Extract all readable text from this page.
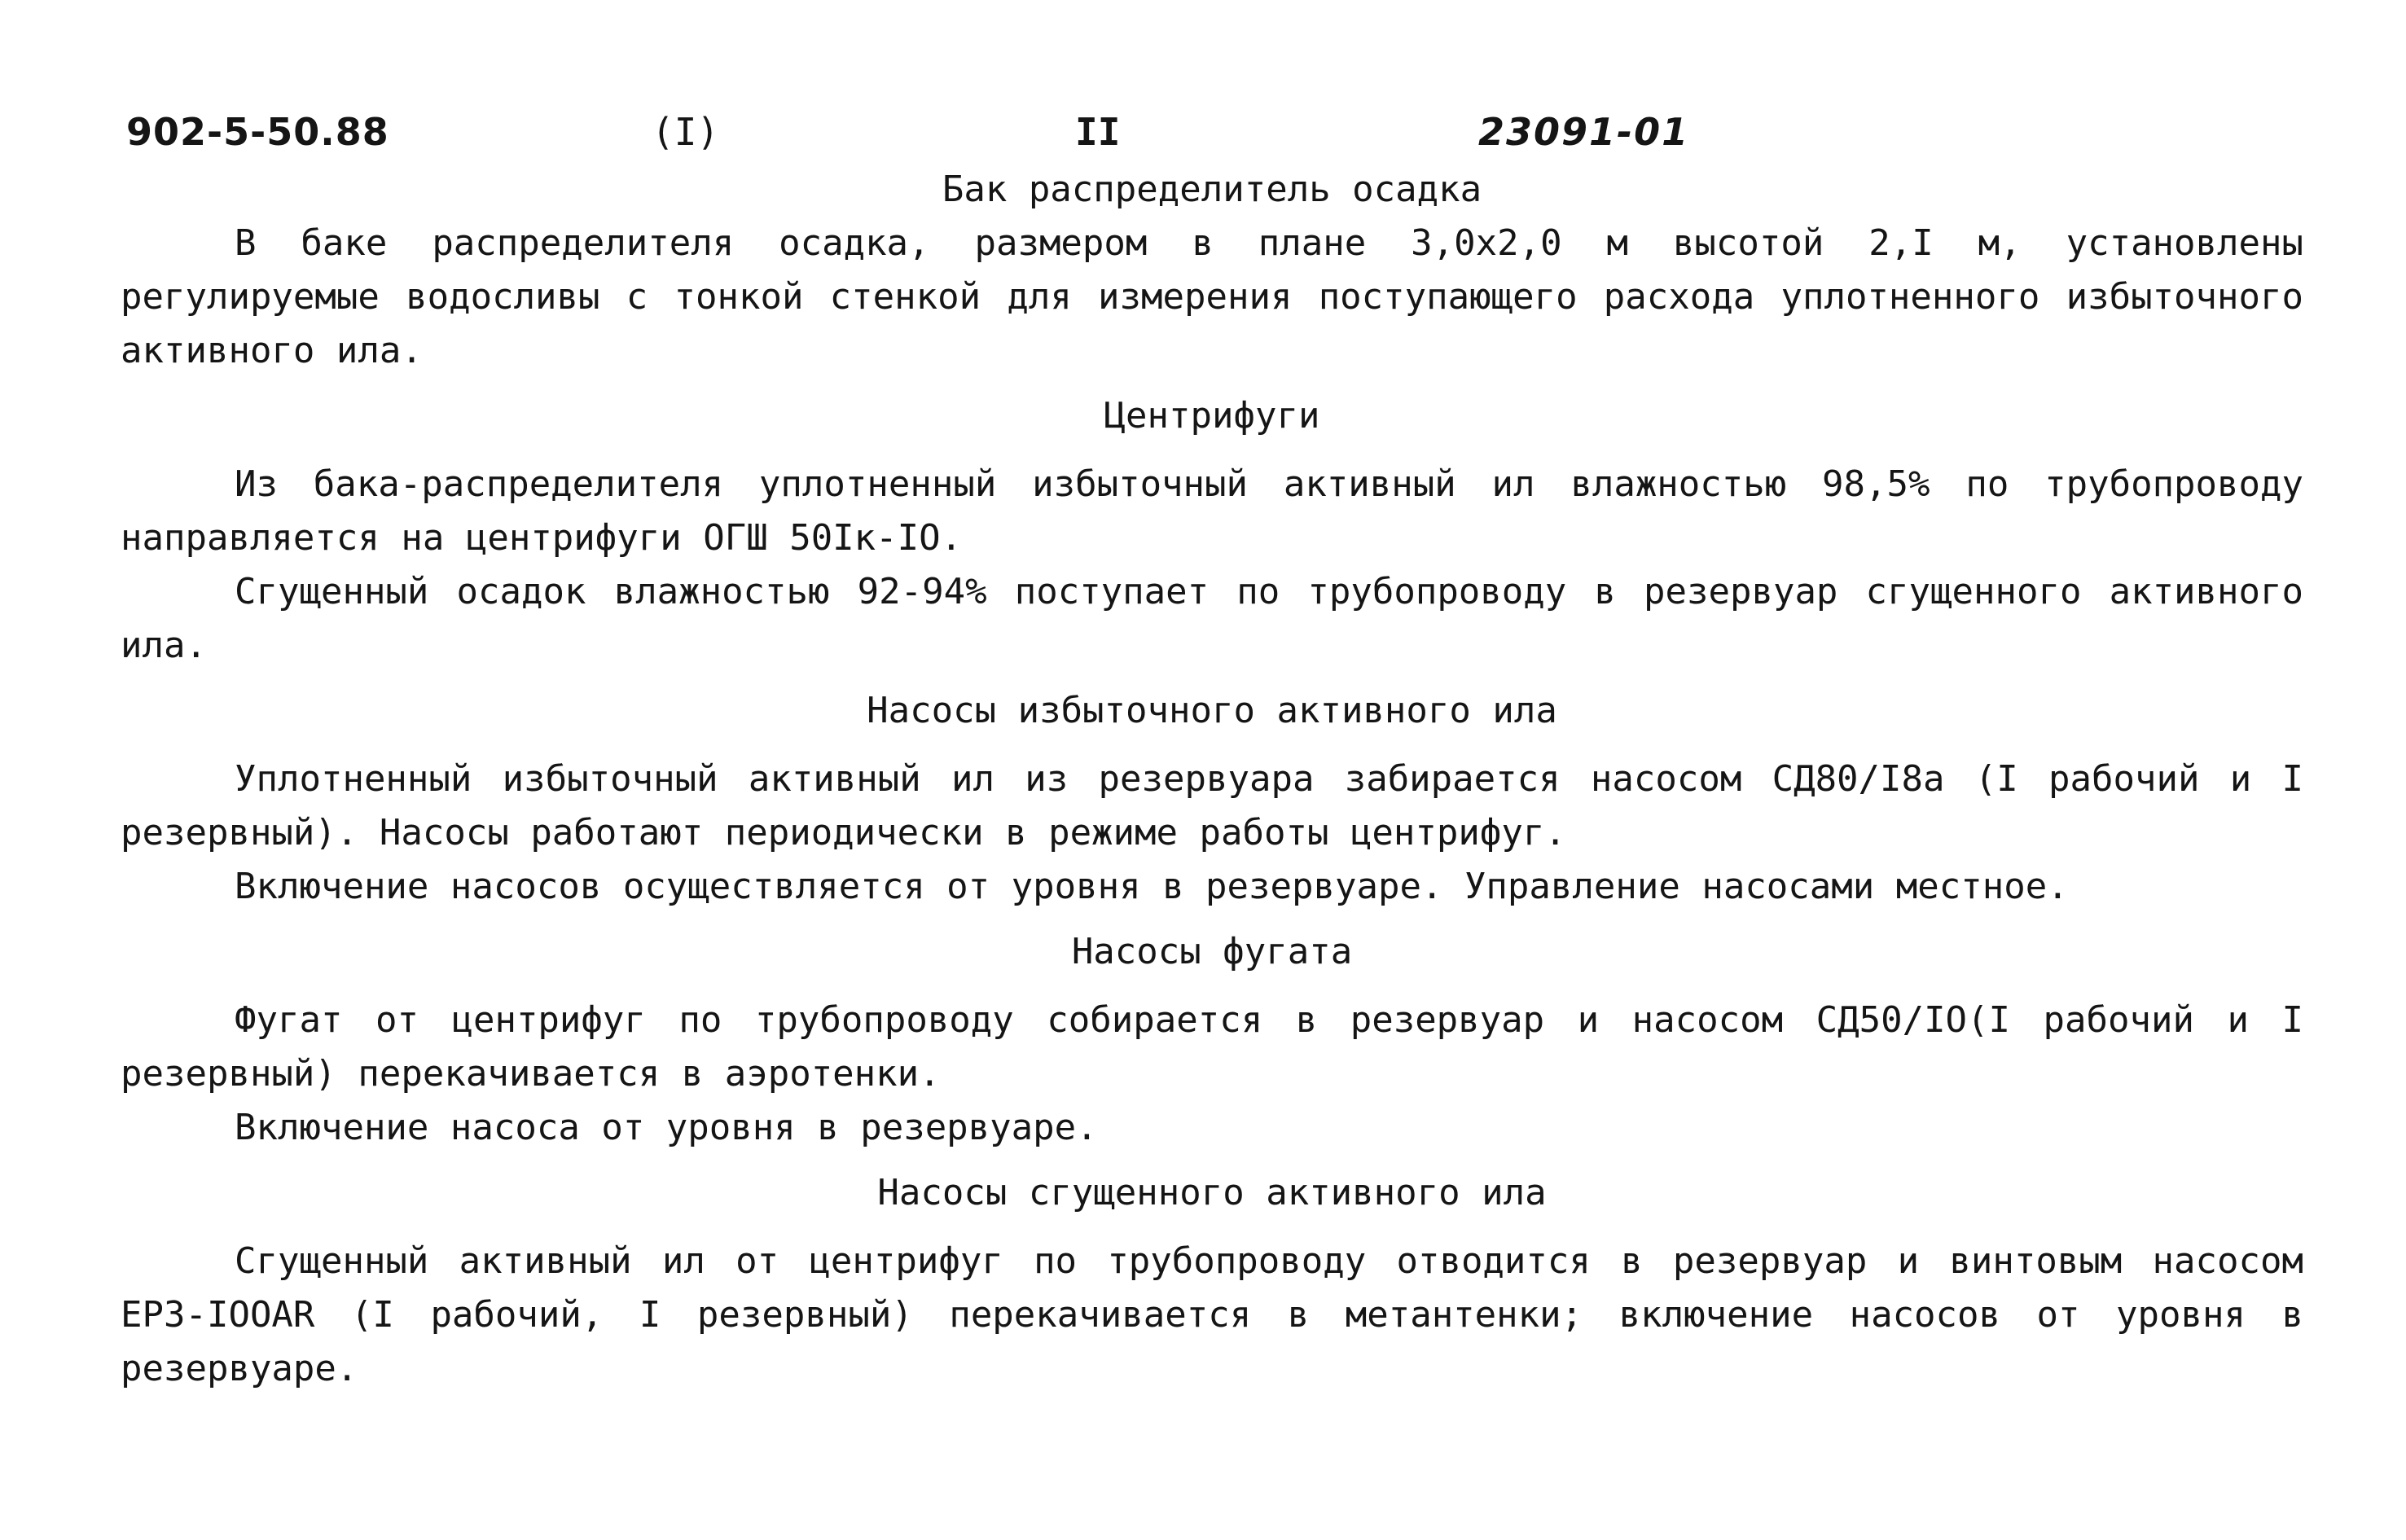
902-5-50.88	(I)	II	23091-01
Бак распределитель осадка

В баке распределителя осадка, размером в плане 3,0х2,0 м высотой 2,I м, установлены регулируемые водосливы с тонкой стенкой для измерения поступающего расхода уплотненного избыточного активного ила.

Центрифуги

Из бака-распределителя уплотненный избыточный активный ил влажностью 98,5% по трубопроводу направляется на центрифуги ОГШ 50Iк-IO.

Сгущенный осадок влажностью 92-94% поступает по трубопроводу в резервуар сгущенного активного ила.

Насосы избыточного активного ила

Уплотненный избыточный активный ил из резервуара забирается насосом СД80/I8а (I рабочий и I резервный). Насосы работают периодически в режиме работы центрифуг.

Включение насосов осуществляется от уровня в резервуаре. Управление насосами местное.

Насосы фугата

Фугат от центрифуг по трубопроводу собирается в резервуар и насосом СД50/IO(I рабочий и I резервный) перекачивается в аэротенки.

Включение насоса от уровня в резервуаре.

Насосы сгущенного активного ила

Сгущенный активный ил от центрифуг по трубопроводу отводится в резервуар и винтовым насосом ЕРЗ-IOOAR (I рабочий, I резервный) перекачивается в метантенки; включение насосов от уровня в резервуаре.
